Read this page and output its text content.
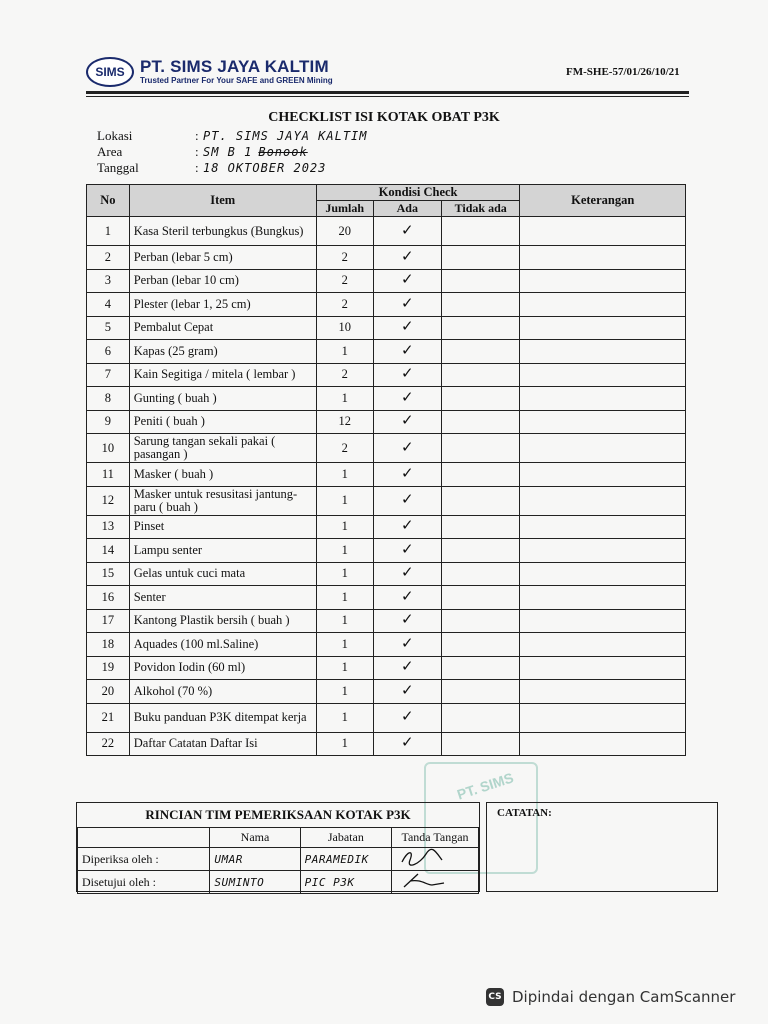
SIMS PT. SIMS JAYA KALTIM
Trusted Partner For Your SAFE and GREEN Mining
FM-SHE-57/01/26/10/21
CHECKLIST ISI KOTAK OBAT P3K
Lokasi	: PT. SIMS JAYA KALTIM
Area	: SM B 1 Bonook
Tanggal	: 18 OKTOBER 2023
No	Item	Kondisi Check			Keterangan
		Jumlah	Ada	Tidak ada	
1	Kasa Steril terbungkus (Bungkus)	20	✓		
2	Perban (lebar 5 cm)	2	✓		
3	Perban (lebar 10 cm)	2	✓		
4	Plester (lebar 1, 25 cm)	2	✓		
5	Pembalut Cepat	10	✓		
6	Kapas (25 gram)	1	✓		
7	Kain Segitiga / mitela ( lembar )	2	✓		
8	Gunting ( buah )	1	✓		
9	Peniti ( buah )	12	✓		
10	Sarung tangan sekali pakai ( pasangan )	2	✓		
11	Masker ( buah )	1	✓		
12	Masker untuk resusitasi jantung- paru ( buah )	1	✓		
13	Pinset	1	✓		
14	Lampu senter	1	✓		
15	Gelas untuk cuci mata	1	✓		
16	Senter	1	✓		
17	Kantong Plastik bersih ( buah )	1	✓		
18	Aquades (100 ml.Saline)	1	✓		
19	Povidon Iodin (60 ml)	1	✓		
20	Alkohol (70 %)	1	✓		
21	Buku panduan P3K ditempat kerja	1	✓		
22	Daftar Catatan Daftar Isi	1	✓		
PT. SIMS
RINCIAN TIM PEMERIKSAAN KOTAK P3K
	Nama	Jabatan	Tanda Tangan
Diperiksa oleh :	UMAR	PARAMEDIK	
Disetujui oleh :	SUMINTO	PIC P3K	
CATATAN:
CS Dipindai dengan CamScanner
